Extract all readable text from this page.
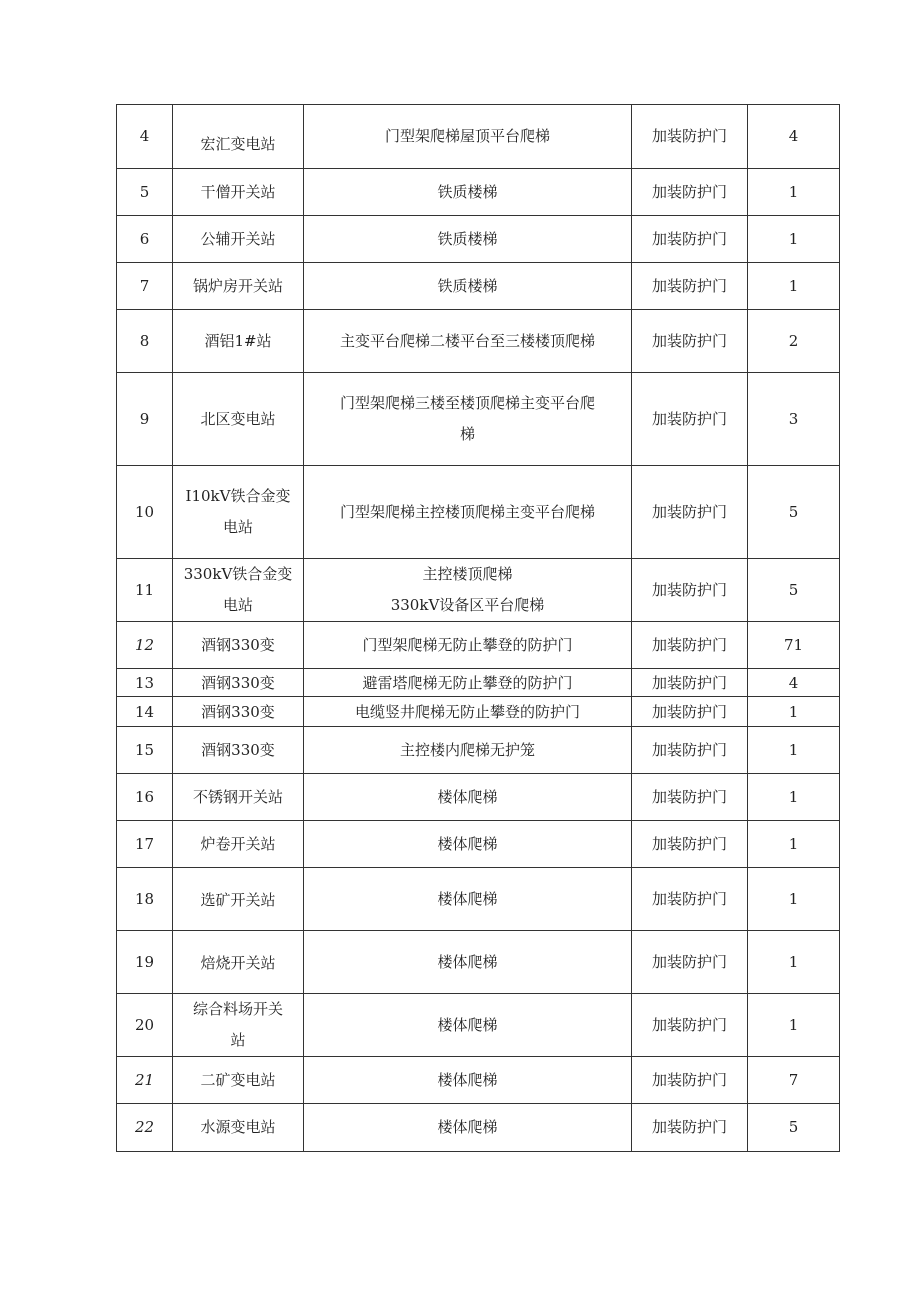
4	宏汇变电站	门型架爬梯屋顶平台爬梯	加装防护门	4
5	干僧开关站	铁质楼梯	加装防护门	1
6	公辅开关站	铁质楼梯	加装防护门	1
7	锅炉房开关站	铁质楼梯	加装防护门	1
8	酒铝1#站	主变平台爬梯二楼平台至三楼楼顶爬梯	加装防护门	2
9	北区变电站	门型架爬梯三楼至楼顶爬梯主变平台爬
梯	加装防护门	3
10	I10kV铁合金变
电站	门型架爬梯主控楼顶爬梯主变平台爬梯	加装防护门	5
11	330kV铁合金变
电站	主控楼顶爬梯
330kV设备区平台爬梯	加装防护门	5
12	酒钢330变	门型架爬梯无防止攀登的防护门	加装防护门	71
13	酒钢330变	避雷塔爬梯无防止攀登的防护门	加装防护门	4
14	酒钢330变	电缆竖井爬梯无防止攀登的防护门	加装防护门	1
15	酒钢330变	主控楼内爬梯无护笼	加装防护门	1
16	不锈钢开关站	楼体爬梯	加装防护门	1
17	炉卷开关站	楼体爬梯	加装防护门	1
18	选矿开关站	楼体爬梯	加装防护门	1
19	焙烧开关站	楼体爬梯	加装防护门	1
20	综合料场开关
站	楼体爬梯	加装防护门	1
21	二矿变电站	楼体爬梯	加装防护门	7
22	水源变电站	楼体爬梯	加装防护门	5
